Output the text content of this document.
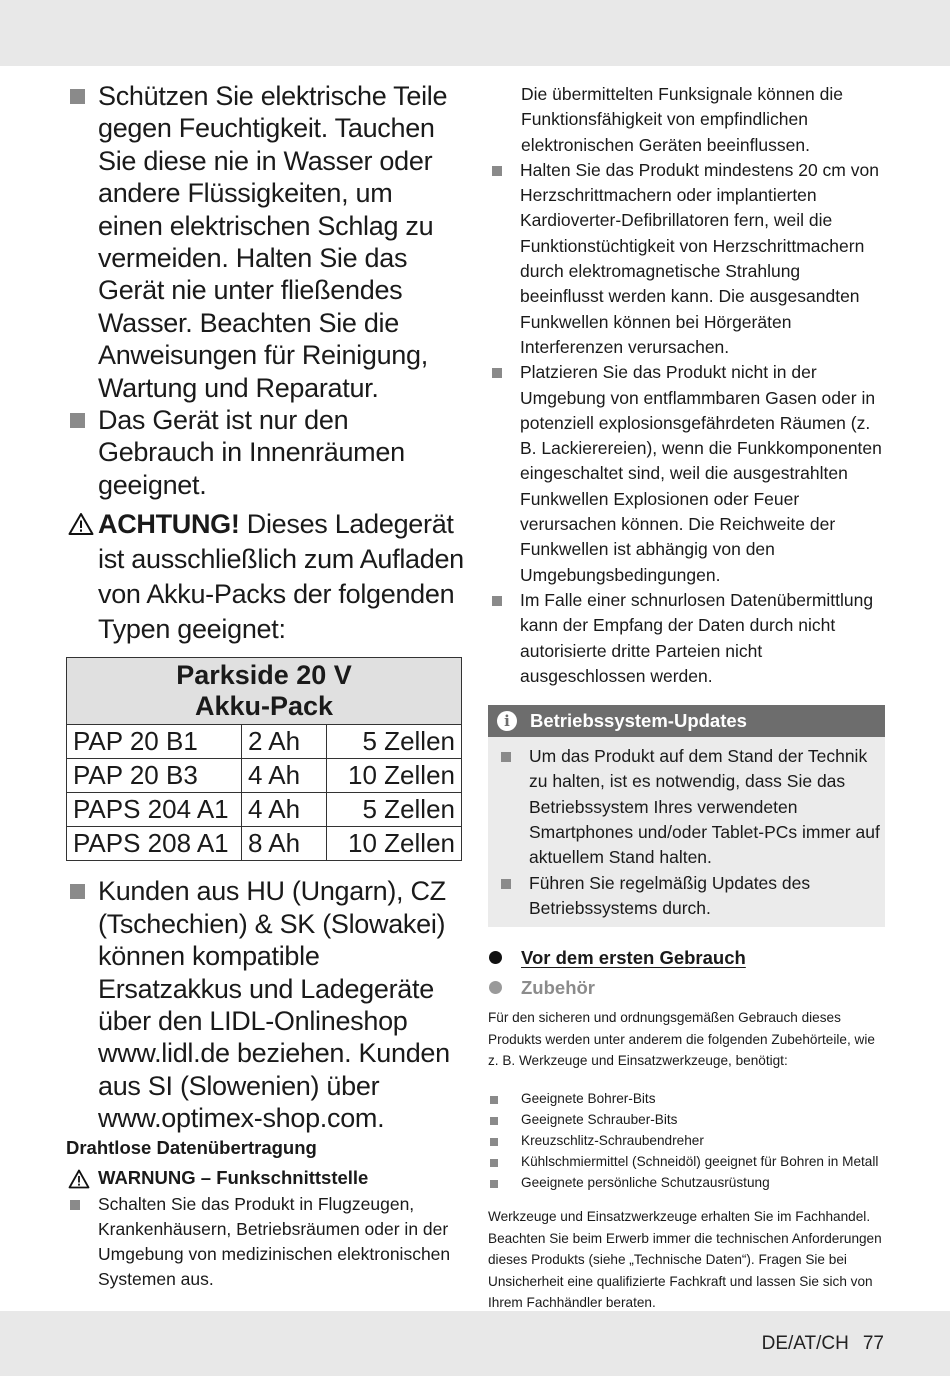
Schützen Sie elektrische Teile gegen Feuchtigkeit. Tauchen Sie diese nie in Wasser oder andere Flüssigkeiten, um einen elektrischen Schlag zu vermeiden. Halten Sie das Gerät nie unter fließendes Wasser. Beachten Sie die Anweisungen für Reinigung, Wartung und Reparatur.
Das Gerät ist nur den Gebrauch in Innenräumen geeignet.
ACHTUNG! Dieses Ladegerät ist ausschließlich zum Aufladen von Akku-Packs der folgenden Typen geeignet:
Parkside 20 V
Akku-Pack		

PAP 20 B1	2 Ah	5 Zellen
PAP 20 B3	4 Ah	10 Zellen
PAPS 204 A1	4 Ah	5 Zellen
PAPS 208 A1	8 Ah	10 Zellen
Kunden aus HU (Ungarn), CZ (Tschechien) & SK (Slowakei) können kompatible Ersatzakkus und Ladegeräte über den LIDL-Onlineshop www.lidl.de beziehen. Kunden aus SI (Slowenien) über www.optimex-shop.com.
Drahtlose Datenübertragung
WARNUNG – Funkschnittstelle
Schalten Sie das Produkt in Flugzeugen, Krankenhäusern, Betriebsräumen oder in der Umgebung von medizinischen elektronischen Systemen aus.
Die übermittelten Funksignale können die Funktionsfähigkeit von empfindlichen elektronischen Geräten beeinflussen.
Halten Sie das Produkt mindestens 20 cm von Herzschrittmachern oder implantierten Kardioverter-Defibrillatoren fern, weil die Funktionstüchtigkeit von Herzschrittmachern durch elektromagnetische Strahlung beeinflusst werden kann. Die ausgesandten Funkwellen können bei Hörgeräten Interferenzen verursachen.
Platzieren Sie das Produkt nicht in der Umgebung von entflammbaren Gasen oder in potenziell explosionsgefährdeten Räumen (z. B. Lackierereien), wenn die Funkkomponenten eingeschaltet sind, weil die ausgestrahlten Funkwellen Explosionen oder Feuer verursachen können. Die Reichweite der Funkwellen ist abhängig von den Umgebungsbedingungen.
Im Falle einer schnurlosen Datenübermittlung kann der Empfang der Daten durch nicht autorisierte dritte Parteien nicht ausgeschlossen werden.
i	Betriebssystem-Updates
Um das Produkt auf dem Stand der Technik zu halten, ist es notwendig, dass Sie das Betriebssystem Ihres verwendeten Smartphones und/oder Tablet-PCs immer auf aktuellem Stand halten.
Führen Sie regelmäßig Updates des Betriebssystems durch.
Vor dem ersten Gebrauch
Zubehör
Für den sicheren und ordnungsgemäßen Gebrauch dieses Produkts werden unter anderem die folgenden Zubehörteile, wie z. B. Werkzeuge und Einsatzwerkzeuge, benötigt:
Geeignete Bohrer-Bits
Geeignete Schrauber-Bits
Kreuzschlitz-Schraubendreher
Kühlschmiermittel (Schneidöl) geeignet für Bohren in Metall
Geeignete persönliche Schutzausrüstung
Werkzeuge und Einsatzwerkzeuge erhalten Sie im Fachhandel. Beachten Sie beim Erwerb immer die technischen Anforderungen dieses Produkts (siehe „Technische Daten“). Fragen Sie bei Unsicherheit eine qualifizierte Fachkraft und lassen Sie sich von Ihrem Fachhändler beraten.
DE/AT/CH 77
